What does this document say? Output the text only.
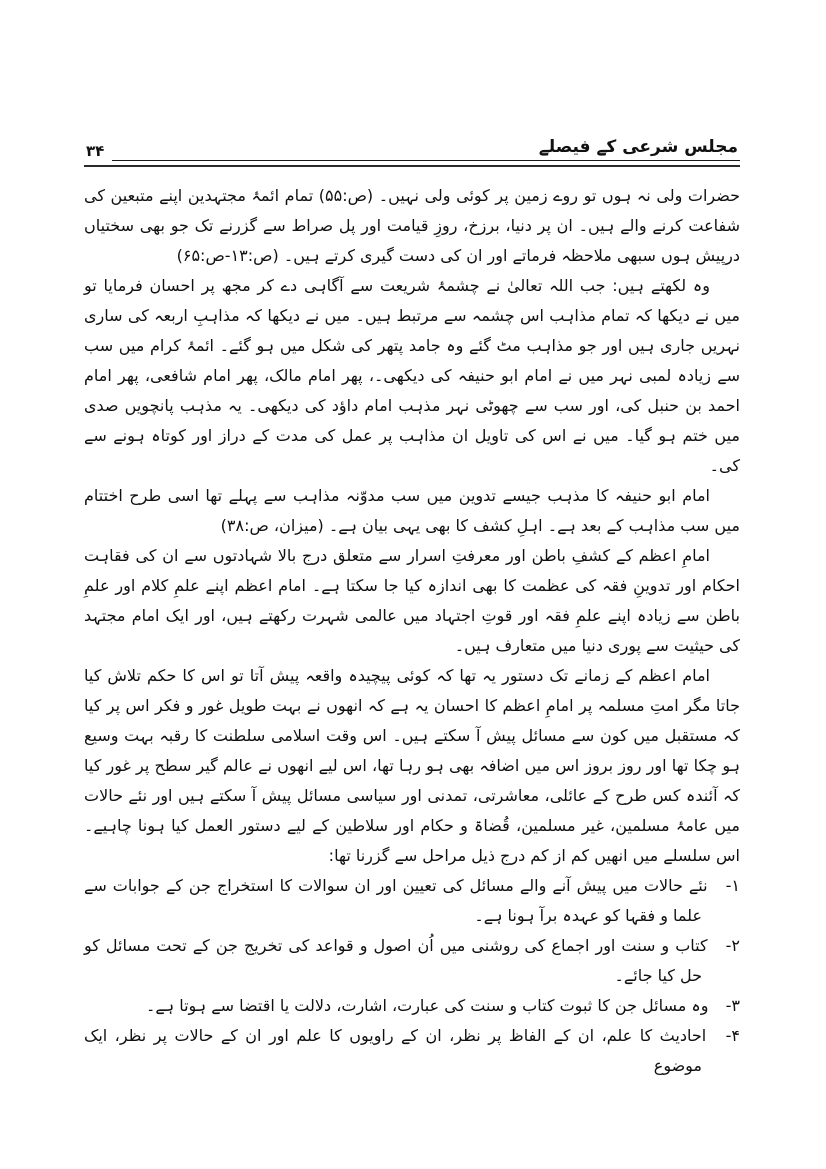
مجلس شرعی کے فیصلے
۳۴

حضرات ولی نہ ہوں تو روے زمین پر کوئی ولی نہیں۔ (ص:۵۵) تمام ائمۂ مجتہدین اپنے متبعین کی شفاعت کرنے والے ہیں۔ ان پر دنیا، برزخ، روزِ قیامت اور پل صراط سے گزرنے تک جو بھی سختیاں درپیش ہوں سبھی ملاحظہ فرماتے اور ان کی دست گیری کرتے ہیں۔ (ص:۱۳-ص:۶۵)

وہ لکھتے ہیں: جب اللہ تعالیٰ نے چشمۂ شریعت سے آگاہی دے کر مجھ پر احسان فرمایا تو میں نے دیکھا کہ تمام مذاہب اس چشمہ سے مرتبط ہیں۔ میں نے دیکھا کہ مذاہبِ اربعہ کی ساری نہریں جاری ہیں اور جو مذاہب مٹ گئے وہ جامد پتھر کی شکل میں ہو گئے۔ ائمۂ کرام میں سب سے زیادہ لمبی نہر میں نے امام ابو حنیفہ کی دیکھی۔، پھر امام مالک، پھر امام شافعی، پھر امام احمد بن حنبل کی، اور سب سے چھوٹی نہر مذہب امام داؤد کی دیکھی۔ یہ مذہب پانچویں صدی میں ختم ہو گیا۔ میں نے اس کی تاویل ان مذاہب پر عمل کی مدت کے دراز اور کوتاہ ہونے سے کی۔

امام ابو حنیفہ کا مذہب جیسے تدوین میں سب مدوّنہ مذاہب سے پہلے تھا اسی طرح اختتام میں سب مذاہب کے بعد ہے۔ اہلِ کشف کا بھی یہی بیان ہے۔ (میزان، ص:۳۸)

امامِ اعظم کے کشفِ باطن اور معرفتِ اسرار سے متعلق درج بالا شہادتوں سے ان کی فقاہت احکام اور تدوینِ فقہ کی عظمت کا بھی اندازہ کیا جا سکتا ہے۔ امام اعظم اپنے علمِ کلام اور علمِ باطن سے زیادہ اپنے علمِ فقہ اور قوتِ اجتہاد میں عالمی شہرت رکھتے ہیں، اور ایک امام مجتہد کی حیثیت سے پوری دنیا میں متعارف ہیں۔

امام اعظم کے زمانے تک دستور یہ تھا کہ کوئی پیچیدہ واقعہ پیش آتا تو اس کا حکم تلاش کیا جاتا مگر امتِ مسلمہ پر امامِ اعظم کا احسان یہ ہے کہ انھوں نے بہت طویل غور و فکر اس پر کیا کہ مستقبل میں کون سے مسائل پیش آ سکتے ہیں۔ اس وقت اسلامی سلطنت کا رقبہ بہت وسیع ہو چکا تھا اور روز بروز اس میں اضافہ بھی ہو رہا تھا، اس لیے انھوں نے عالم گیر سطح پر غور کیا کہ آئندہ کس طرح کے عائلی، معاشرتی، تمدنی اور سیاسی مسائل پیش آ سکتے ہیں اور نئے حالات میں عامۂ مسلمین، غیر مسلمین، قُضاۃ و حکام اور سلاطین کے لیے دستور العمل کیا ہونا چاہیے۔ اس سلسلے میں انھیں کم از کم درج ذیل مراحل سے گزرنا تھا:

۱- نئے حالات میں پیش آنے والے مسائل کی تعیین اور ان سوالات کا استخراج جن کے جوابات سے علما و فقہا کو عہدہ برآ ہونا ہے۔

۲- کتاب و سنت اور اجماع کی روشنی میں اُن اصول و قواعد کی تخریج جن کے تحت مسائل کو حل کیا جائے۔

۳- وہ مسائل جن کا ثبوت کتاب و سنت کی عبارت، اشارت، دلالت یا اقتضا سے ہوتا ہے۔

۴- احادیث کا علم، ان کے الفاظ پر نظر، ان کے راویوں کا علم اور ان کے حالات پر نظر، ایک موضوع
